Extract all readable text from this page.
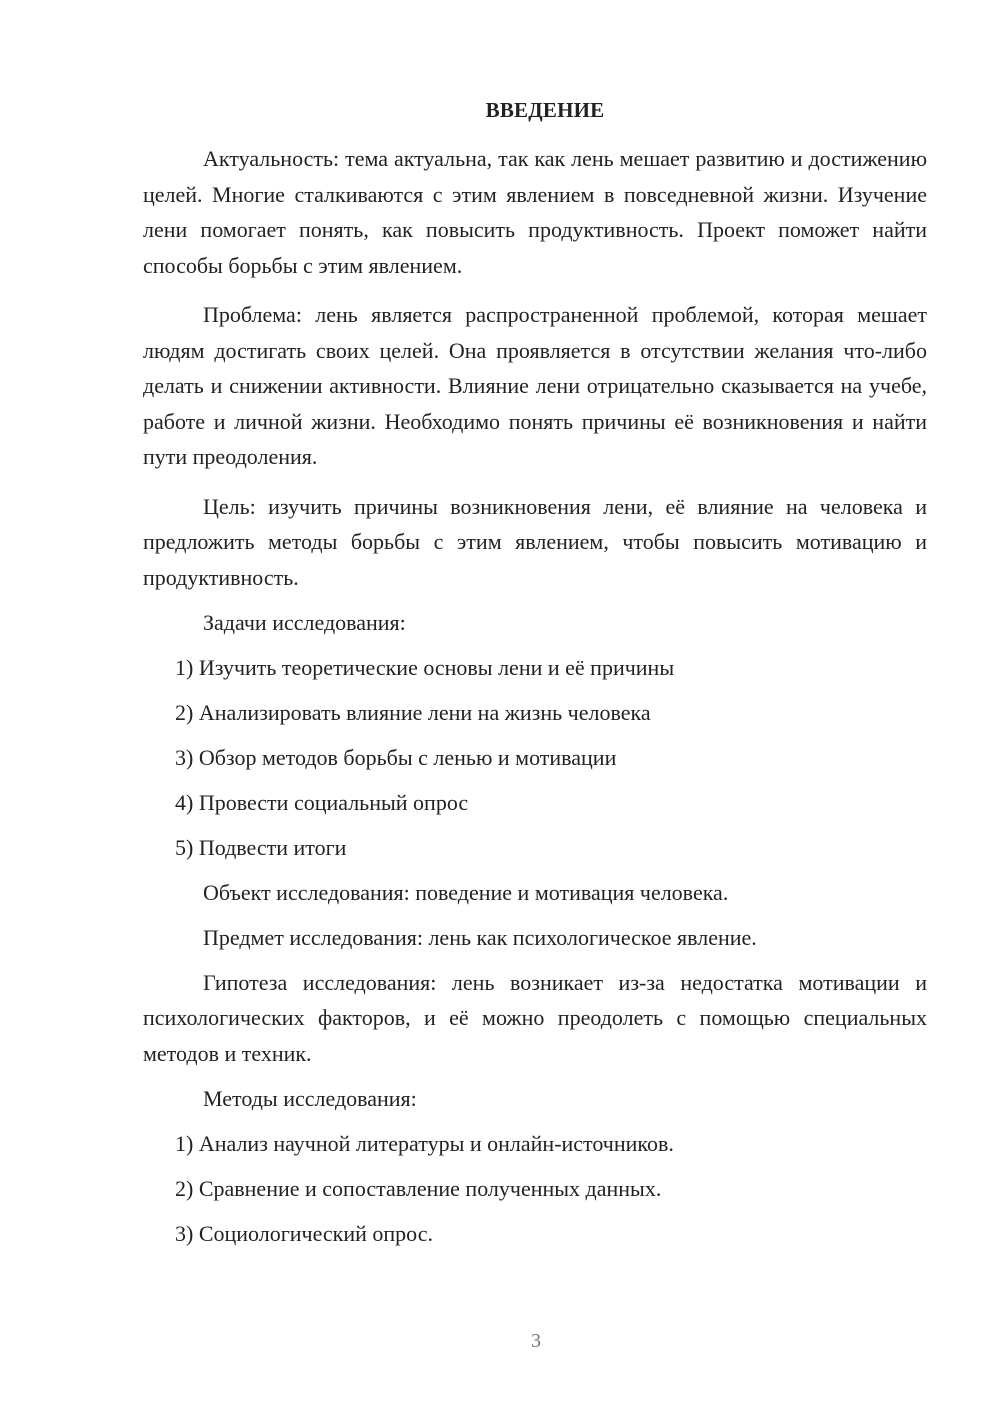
ВВЕДЕНИЕ

Актуальность: тема актуальна, так как лень мешает развитию и достижению целей. Многие сталкиваются с этим явлением в повседневной жизни. Изучение лени помогает понять, как повысить продуктивность. Проект поможет найти способы борьбы с этим явлением.

Проблема: лень является распространенной проблемой, которая мешает людям достигать своих целей. Она проявляется в отсутствии желания что-либо делать и снижении активности. Влияние лени отрицательно сказывается на учебе, работе и личной жизни. Необходимо понять причины её возникновения и найти пути преодоления.

Цель: изучить причины возникновения лени, её влияние на человека и предложить методы борьбы с этим явлением, чтобы повысить мотивацию и продуктивность.

Задачи исследования:

1) Изучить теоретические основы лени и её причины

2) Анализировать влияние лени на жизнь человека

3) Обзор методов борьбы с ленью и мотивации

4) Провести социальный опрос

5) Подвести итоги

Объект исследования: поведение и мотивация человека.

Предмет исследования: лень как психологическое явление.

Гипотеза исследования: лень возникает из-за недостатка мотивации и психологических факторов, и её можно преодолеть с помощью специальных методов и техник.

Методы исследования:

1) Анализ научной литературы и онлайн-источников.

2) Сравнение и сопоставление полученных данных.

3) Социологический опрос.

3
